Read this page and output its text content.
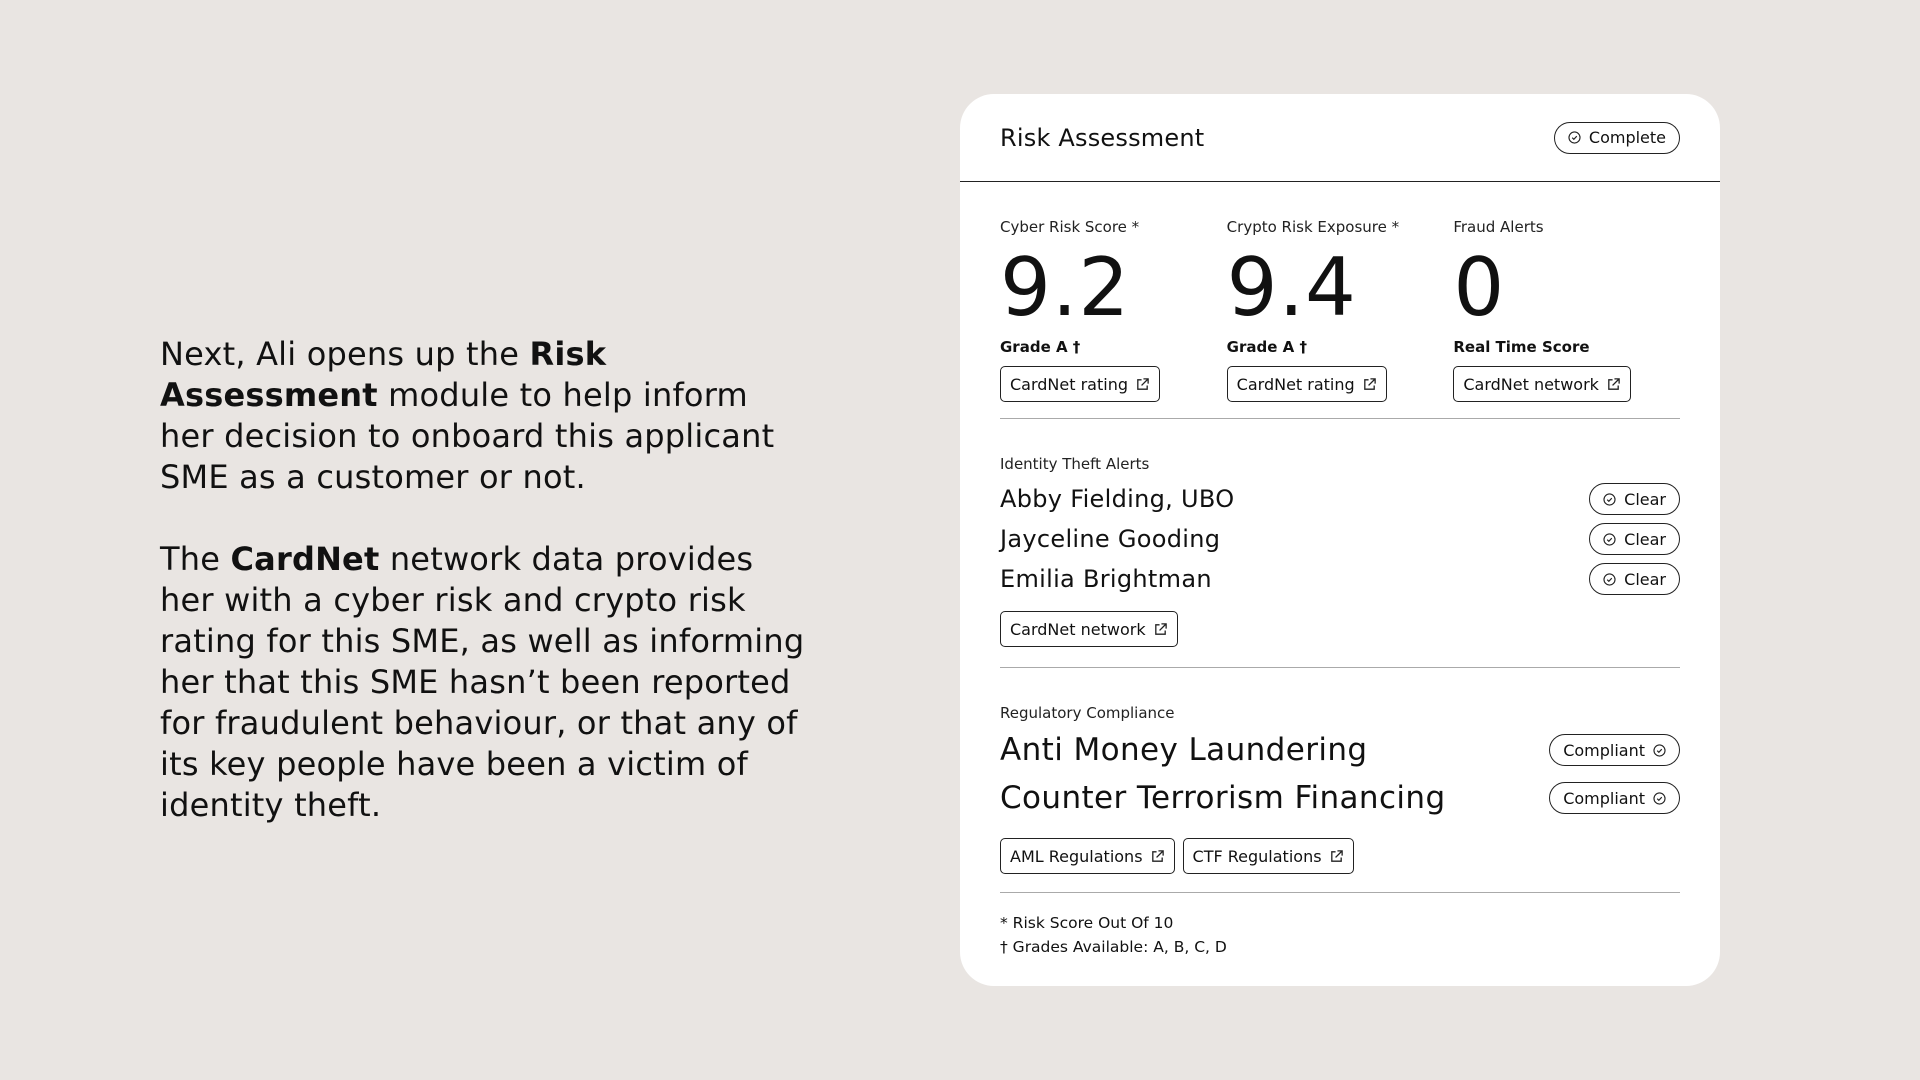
Next, Ali opens up the Risk Assessment module to help inform her decision to onboard this applicant SME as a customer or not.

The CardNet network data provides her with a cyber risk and crypto risk rating for this SME, as well as informing her that this SME hasn’t been reported for fraudulent behaviour, or that any of its key people have been a victim of identity theft.

Risk Assessment	Complete
Cyber Risk Score *
9.2
Grade A †
CardNet rating
Crypto Risk Exposure *
9.4
Grade A †
CardNet rating
Fraud Alerts
0
Real Time Score
CardNet network
Identity Theft Alerts
Abby Fielding, UBO	Clear
Jayceline Gooding	Clear
Emilia Brightman	Clear
CardNet network
Regulatory Compliance
Anti Money Laundering	Compliant
Counter Terrorism Financing	Compliant
AML Regulations	CTF Regulations
* Risk Score Out Of 10
† Grades Available: A, B, C, D
